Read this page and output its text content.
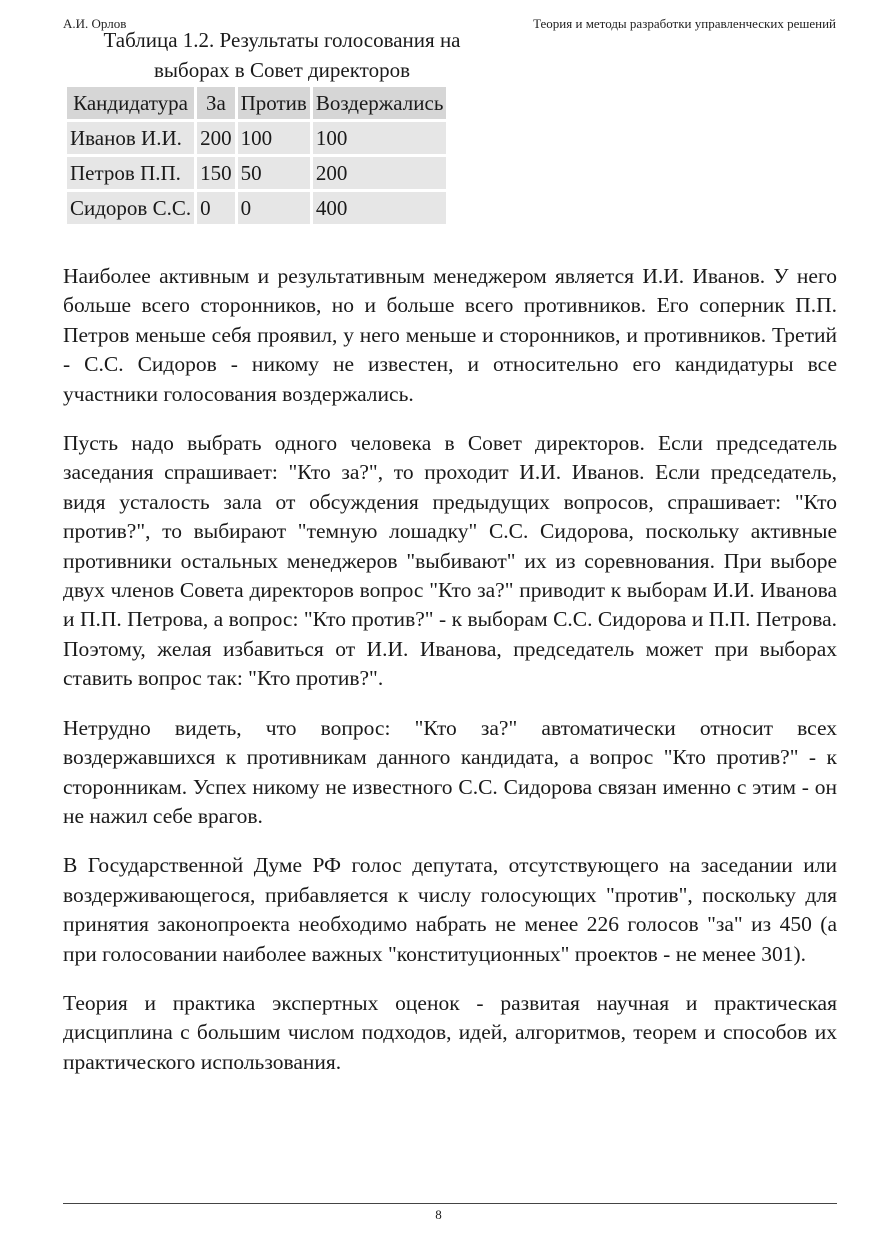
А.И. Орлов	Теория и методы разработки управленческих решений
Таблица 1.2. Результаты голосования на
выборах в Совет директоров
Кандидатура	За	Против	Воздержались
Иванов И.И.	200	100	100
Петров П.П.	150	50	200
Сидоров С.С.	0	0	400

Наиболее активным и результативным менеджером является И.И. Иванов. У него больше всего сторонников, но и больше всего противников. Его соперник П.П. Петров меньше себя проявил, у него меньше и сторонников, и противников. Третий - С.С. Сидоров - никому не известен, и относительно его кандидатуры все участники голосования воздержались.

Пусть надо выбрать одного человека в Совет директоров. Если председатель заседания спрашивает: "Кто за?", то проходит И.И. Иванов. Если председатель, видя усталость зала от обсуждения предыдущих вопросов, спрашивает: "Кто против?", то выбирают "темную лошадку" С.С. Сидорова, поскольку активные противники остальных менеджеров "выбивают" их из соревнования. При выборе двух членов Совета директоров вопрос "Кто за?" приводит к выборам И.И. Иванова и П.П. Петрова, а вопрос: "Кто против?" - к выборам С.С. Сидорова и П.П. Петрова. Поэтому, желая избавиться от И.И. Иванова, председатель может при выборах ставить вопрос так: "Кто против?".

Нетрудно видеть, что вопрос: "Кто за?" автоматически относит всех воздержавшихся к противникам данного кандидата, а вопрос "Кто против?" - к сторонникам. Успех никому не известного С.С. Сидорова связан именно с этим - он не нажил себе врагов.

В Государственной Думе РФ голос депутата, отсутствующего на заседании или воздерживающегося, прибавляется к числу голосующих "против", поскольку для принятия законопроекта необходимо набрать не менее 226 голосов "за" из 450 (а при голосовании наиболее важных "конституционных" проектов - не менее 301).

Теория и практика экспертных оценок - развитая научная и практическая дисциплина с большим числом подходов, идей, алгоритмов, теорем и способов их практического использования.

8
